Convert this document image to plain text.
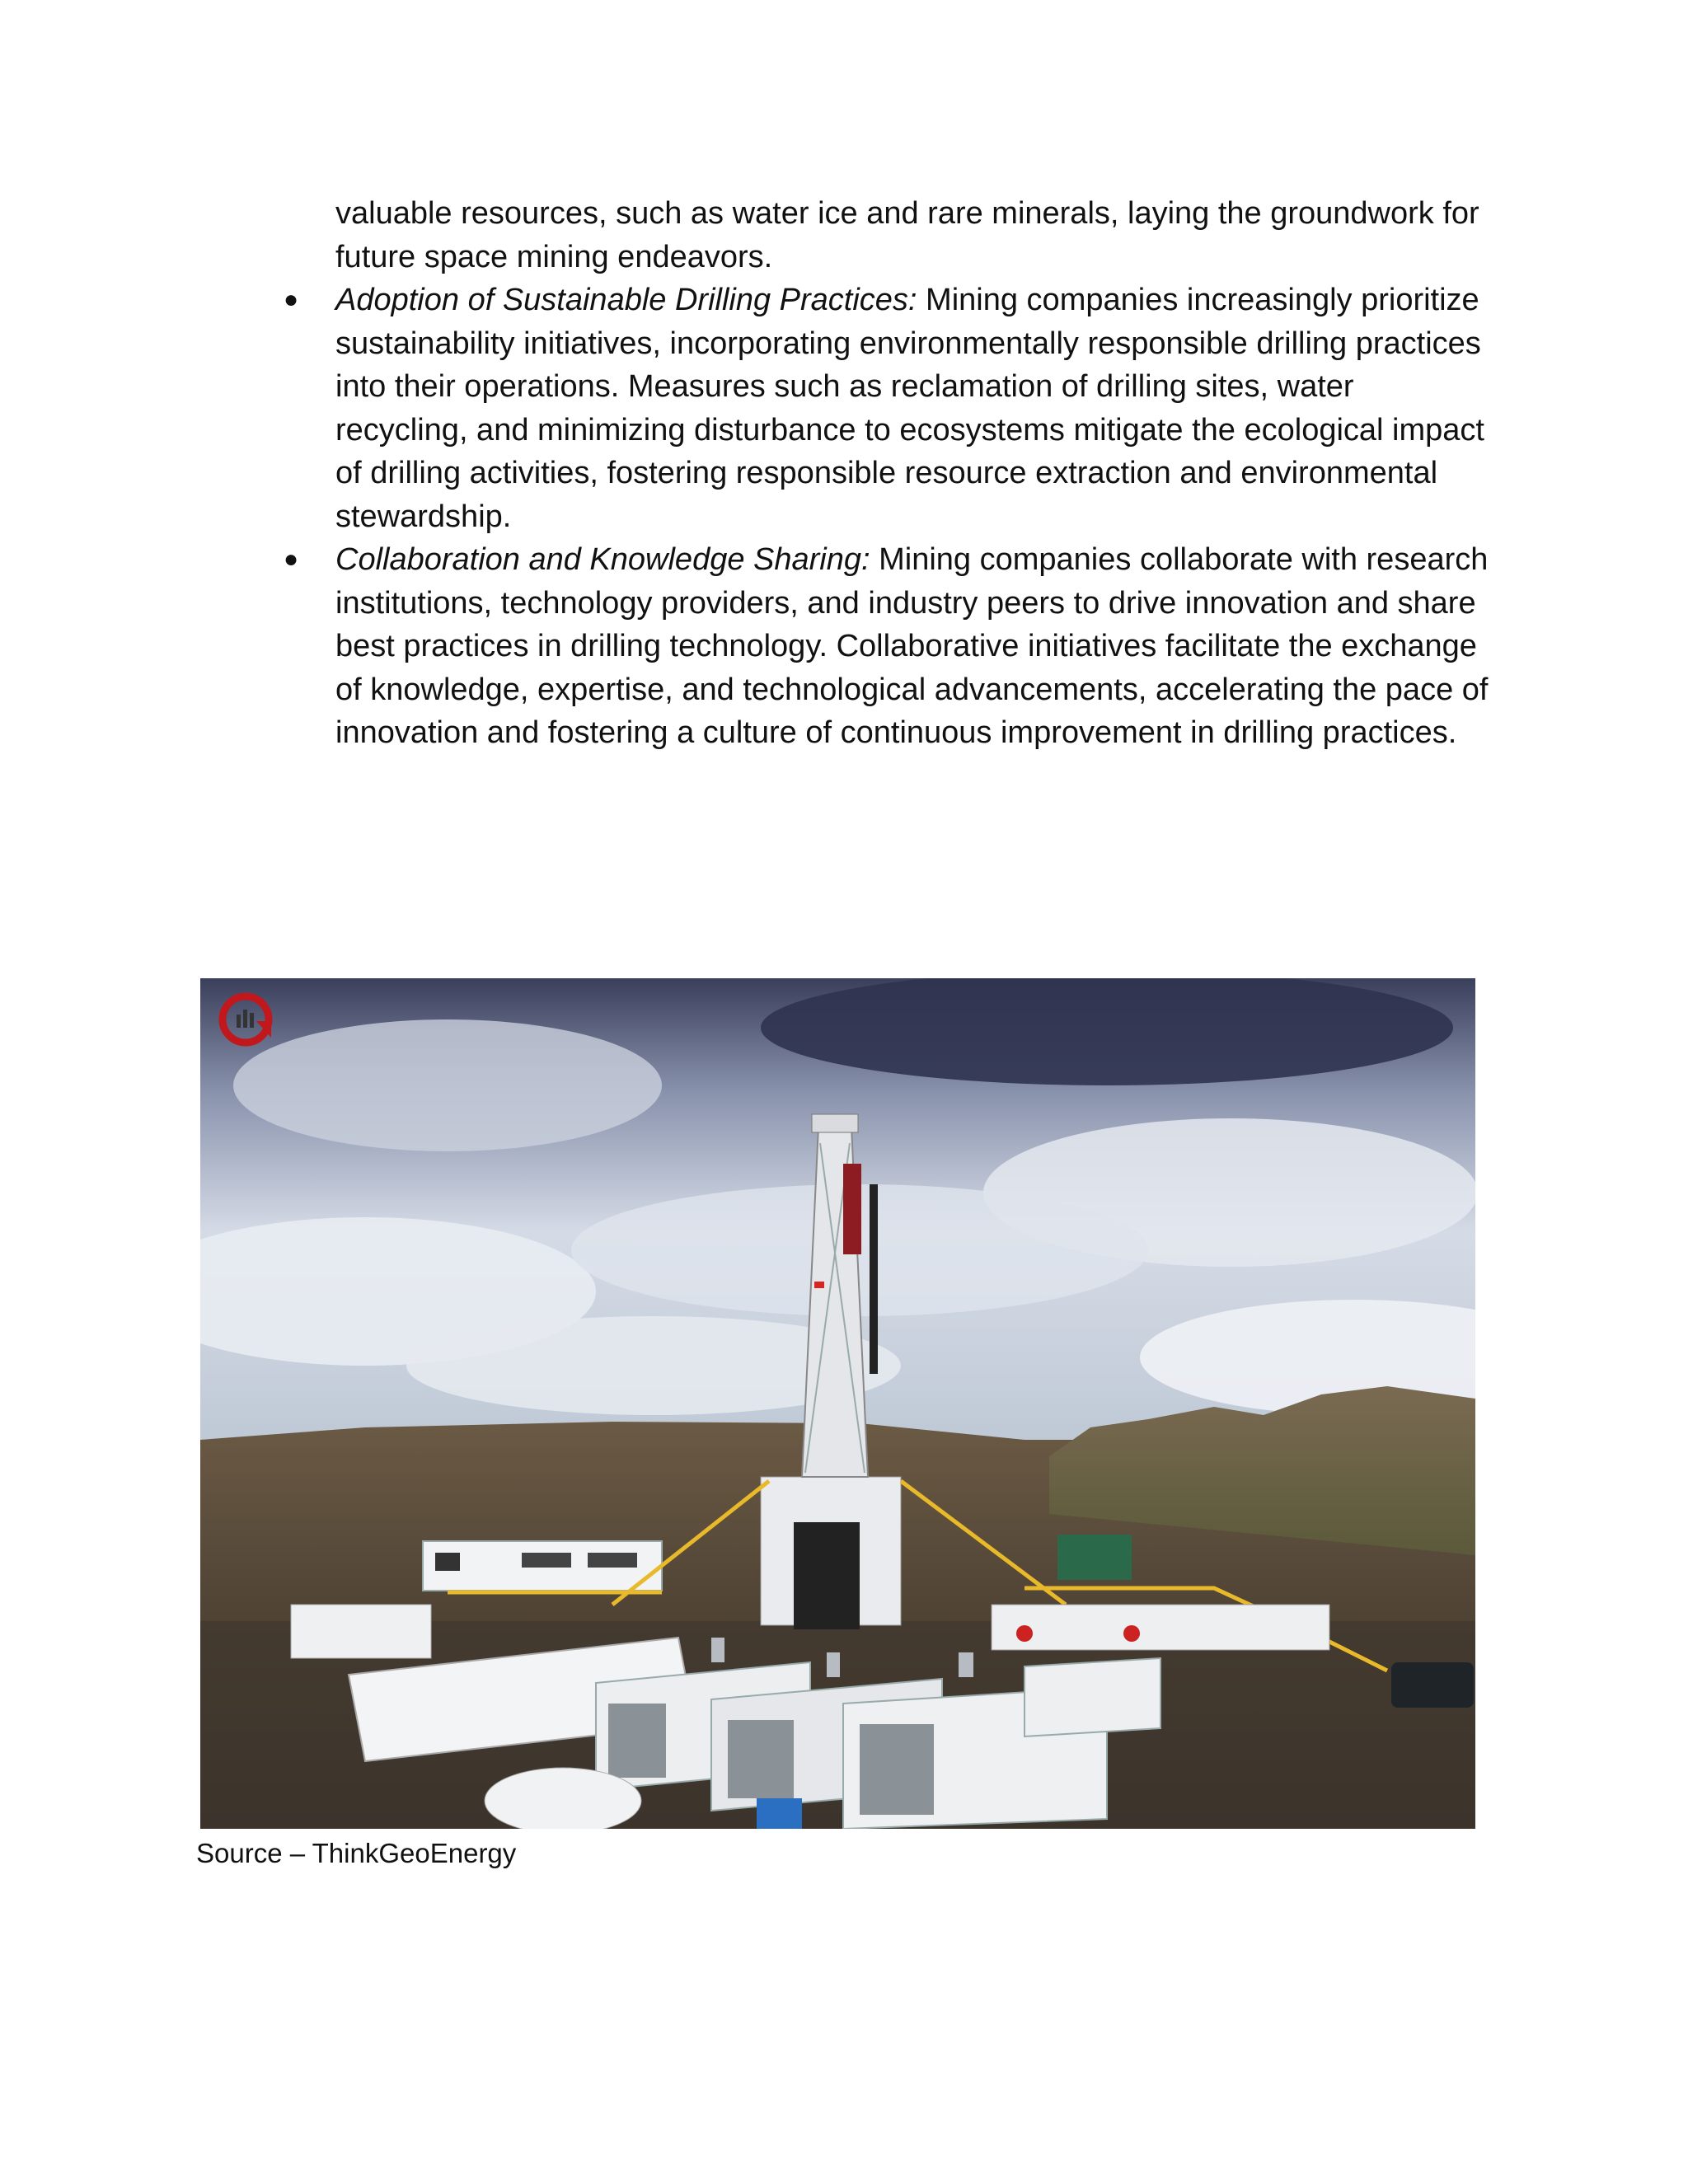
valuable resources, such as water ice and rare minerals, laying the groundwork for future space mining endeavors.

● Adoption of Sustainable Drilling Practices: Mining companies increasingly prioritize sustainability initiatives, incorporating environmentally responsible drilling practices into their operations. Measures such as reclamation of drilling sites, water recycling, and minimizing disturbance to ecosystems mitigate the ecological impact of drilling activities, fostering responsible resource extraction and environmental stewardship.
● Collaboration and Knowledge Sharing: Mining companies collaborate with research institutions, technology providers, and industry peers to drive innovation and share best practices in drilling technology. Collaborative initiatives facilitate the exchange of knowledge, expertise, and technological advancements, accelerating the pace of innovation and fostering a culture of continuous improvement in drilling practices.
Source – ThinkGeoEnergy
